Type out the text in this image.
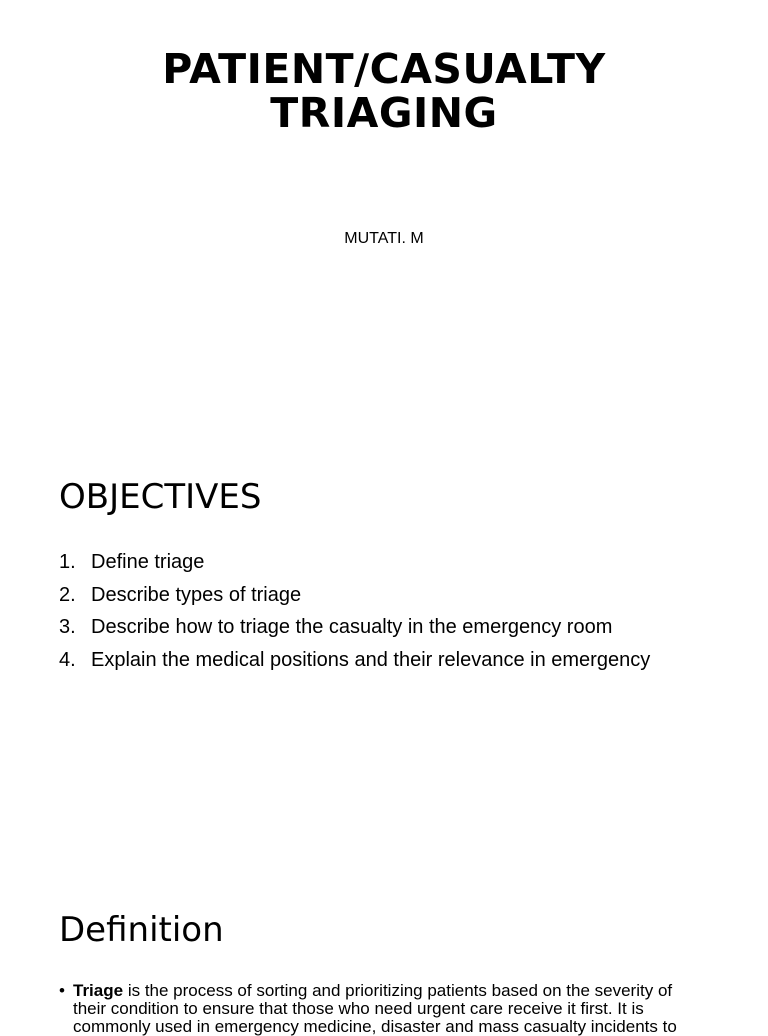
PATIENT/CASUALTY
TRIAGING
MUTATI. M
OBJECTIVES
1. Define triage
2. Describe types of triage
3. Describe how to triage the casualty in the emergency room
4. Explain the medical positions and their relevance in emergency
Definition
• Triage is the process of sorting and prioritizing patients based on the severity of their condition to ensure that those who need urgent care receive it first. It is commonly used in emergency medicine, disaster and mass casualty incidents to
